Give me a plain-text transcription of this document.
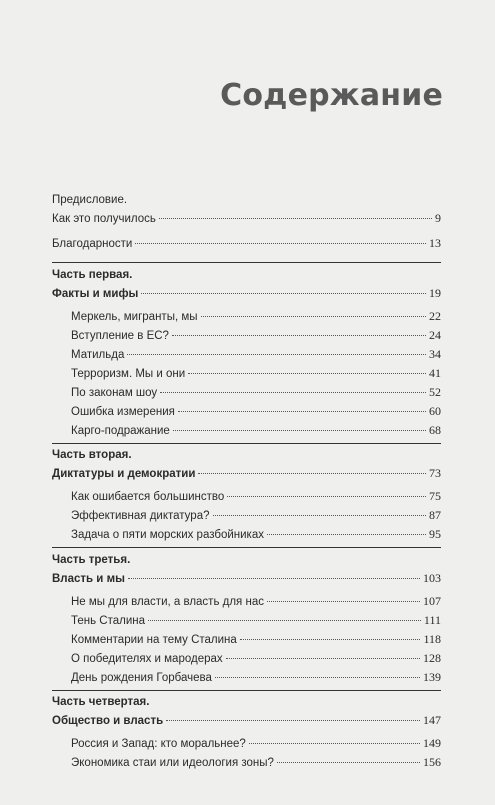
Содержание
Предисловие.
Как это получилось	9
Благодарности	13
Часть первая.
Факты и мифы	19
Меркель, мигранты, мы	22
Вступление в ЕС?	24
Матильда	34
Терроризм. Мы и они	41
По законам шоу	52
Ошибка измерения	60
Карго-подражание	68
Часть вторая.
Диктатуры и демократии	73
Как ошибается большинство	75
Эффективная диктатура?	87
Задача о пяти морских разбойниках	95
Часть третья.
Власть и мы	103
Не мы для власти, а власть для нас	107
Тень Сталина	111
Комментарии на тему Сталина	118
О победителях и мародерах	128
День рождения Горбачева	139
Часть четвертая.
Общество и власть	147
Россия и Запад: кто моральнее?	149
Экономика стаи или идеология зоны?	156
